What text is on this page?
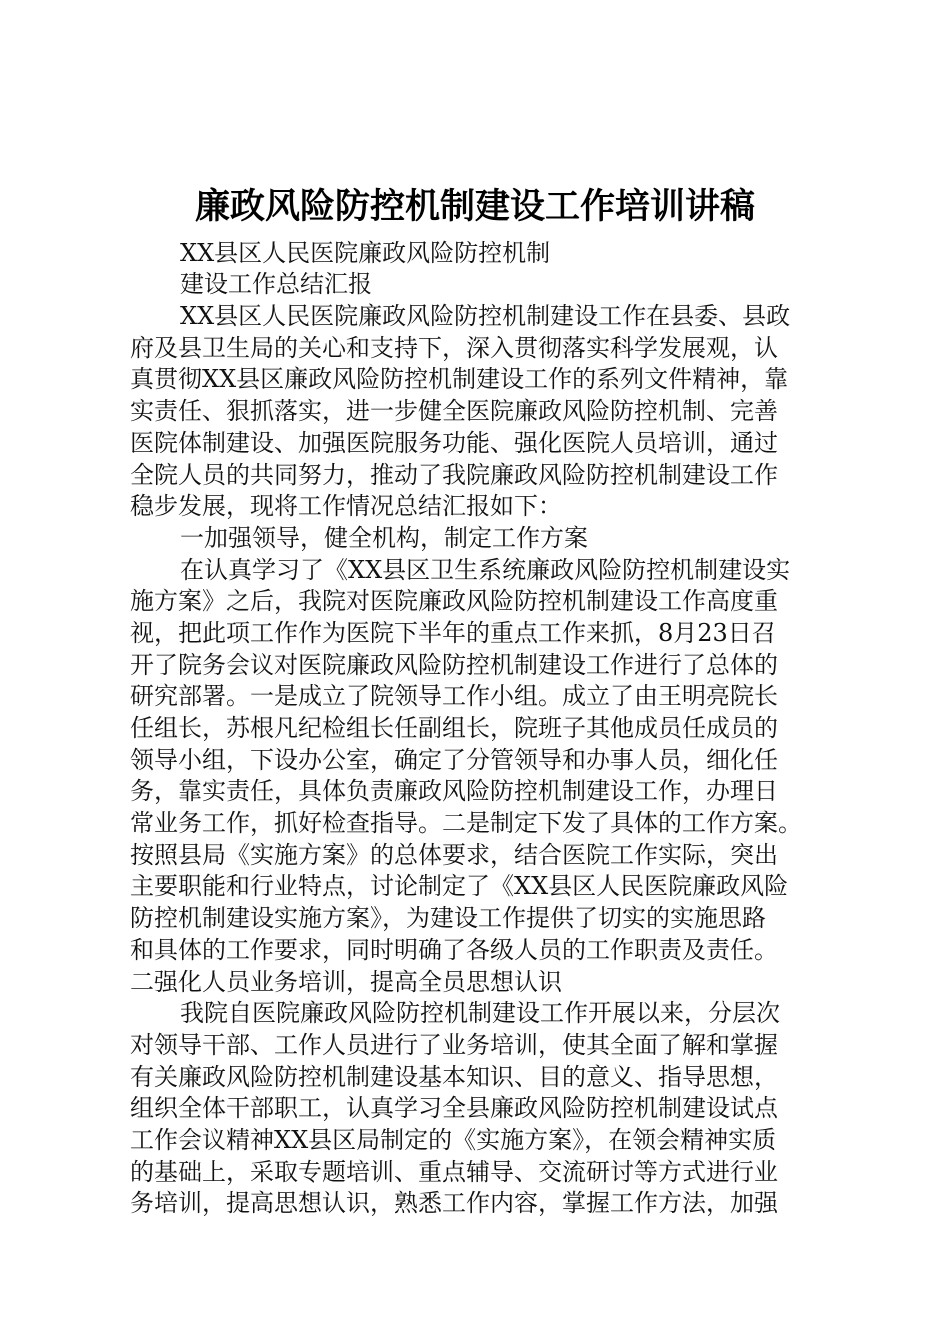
廉政风险防控机制建设工作培训讲稿
XX县区人民医院廉政风险防控机制
建设工作总结汇报
XX县区人民医院廉政风险防控机制建设工作在县委、县政
府及县卫生局的关心和支持下，深入贯彻落实科学发展观，认
真贯彻XX县区廉政风险防控机制建设工作的系列文件精神，靠
实责任、狠抓落实，进一步健全医院廉政风险防控机制、完善
医院体制建设、加强医院服务功能、强化医院人员培训，通过
全院人员的共同努力，推动了我院廉政风险防控机制建设工作
稳步发展，现将工作情况总结汇报如下：
一加强领导，健全机构，制定工作方案
在认真学习了《XX县区卫生系统廉政风险防控机制建设实
施方案》之后，我院对医院廉政风险防控机制建设工作高度重
视，把此项工作作为医院下半年的重点工作来抓，8月23日召
开了院务会议对医院廉政风险防控机制建设工作进行了总体的
研究部署。一是成立了院领导工作小组。成立了由王明亮院长
任组长，苏根凡纪检组长任副组长，院班子其他成员任成员的
领导小组，下设办公室，确定了分管领导和办事人员，细化任
务，靠实责任，具体负责廉政风险防控机制建设工作，办理日
常业务工作，抓好检查指导。二是制定下发了具体的工作方案。
按照县局《实施方案》的总体要求，结合医院工作实际，突出
主要职能和行业特点，讨论制定了《XX县区人民医院廉政风险
防控机制建设实施方案》，为建设工作提供了切实的实施思路
和具体的工作要求，同时明确了各级人员的工作职责及责任。
二强化人员业务培训，提高全员思想认识
我院自医院廉政风险防控机制建设工作开展以来，分层次
对领导干部、工作人员进行了业务培训，使其全面了解和掌握
有关廉政风险防控机制建设基本知识、目的意义、指导思想，
组织全体干部职工，认真学习全县廉政风险防控机制建设试点
工作会议精神XX县区局制定的《实施方案》，在领会精神实质
的基础上，采取专题培训、重点辅导、交流研讨等方式进行业
务培训，提高思想认识，熟悉工作内容，掌握工作方法，加强
